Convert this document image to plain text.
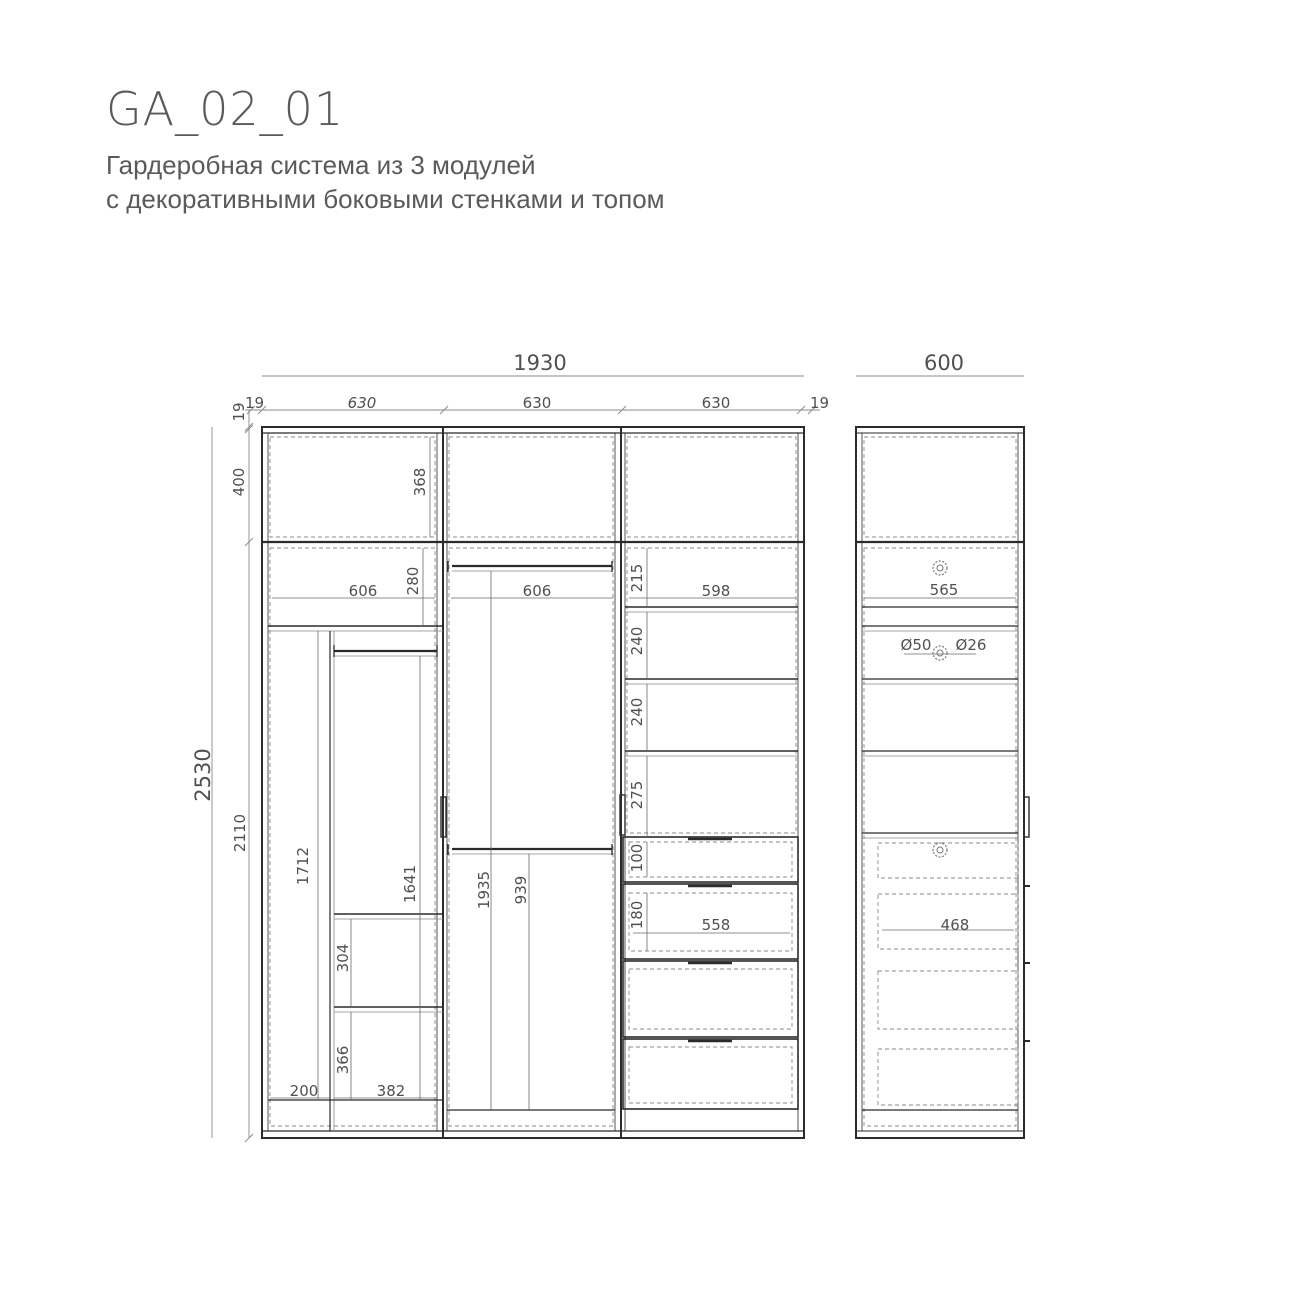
GA_02_01
Гардеробная система из 3 модулей
с декоративными боковыми стенками и топом
1930
19	630	630	630	19
19
400	368
2530
2110
606 280
1712	1641
304
366
200	382
606
1935 939
598
215
240
240
275
100
180	558
600
565
Ø50 Ø26
468
